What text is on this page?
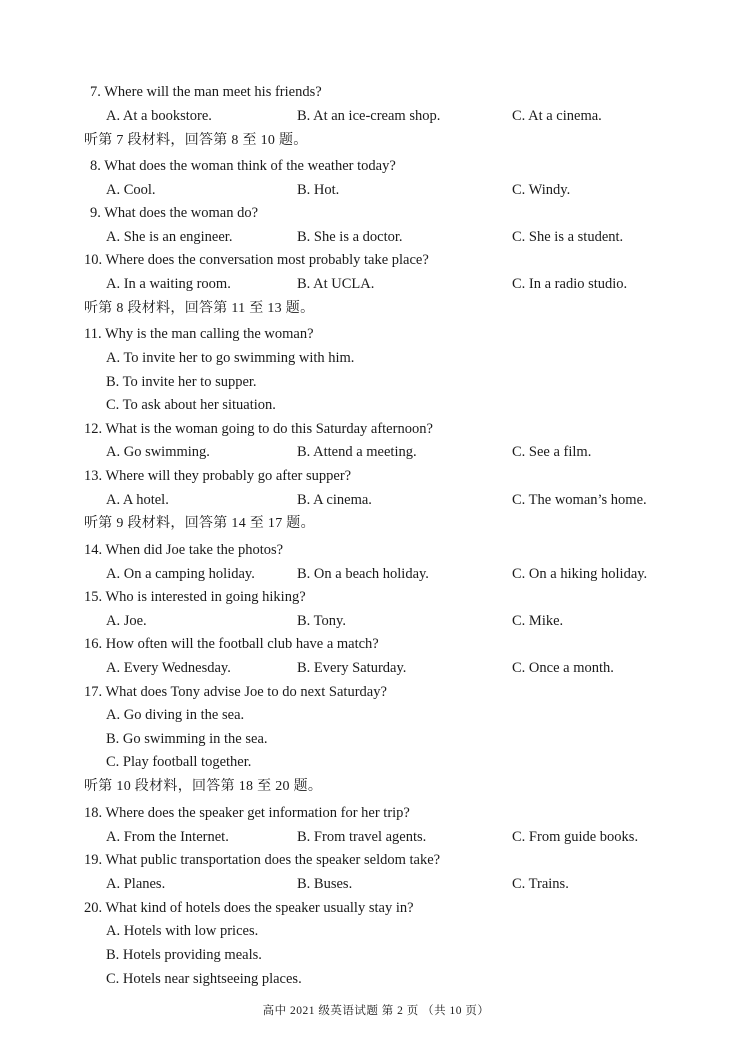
7. Where will the man meet his friends?
A. At a bookstore.	B. At an ice-cream shop.	C. At a cinema.
听第 7 段材料，回答第 8 至 10 题。
8. What does the woman think of the weather today?
A. Cool.	B. Hot.	C. Windy.
9. What does the woman do?
A. She is an engineer.	B. She is a doctor.	C. She is a student.
10. Where does the conversation most probably take place?
A. In a waiting room.	B. At UCLA.	C. In a radio studio.
听第 8 段材料，回答第 11 至 13 题。
11. Why is the man calling the woman?
A. To invite her to go swimming with him.
B. To invite her to supper.
C. To ask about her situation.
12. What is the woman going to do this Saturday afternoon?
A. Go swimming.	B. Attend a meeting.	C. See a film.
13. Where will they probably go after supper?
A. A hotel.	B. A cinema.	C. The woman’s home.
听第 9 段材料，回答第 14 至 17 题。
14. When did Joe take the photos?
A. On a camping holiday.	B. On a beach holiday.	C. On a hiking holiday.
15. Who is interested in going hiking?
A. Joe.	B. Tony.	C. Mike.
16. How often will the football club have a match?
A. Every Wednesday.	B. Every Saturday.	C. Once a month.
17. What does Tony advise Joe to do next Saturday?
A. Go diving in the sea.
B. Go swimming in the sea.
C. Play football together.
听第 10 段材料，回答第 18 至 20 题。
18. Where does the speaker get information for her trip?
A. From the Internet.	B. From travel agents.	C. From guide books.
19. What public transportation does the speaker seldom take?
A. Planes.	B. Buses.	C. Trains.
20. What kind of hotels does the speaker usually stay in?
A. Hotels with low prices.
B. Hotels providing meals.
C. Hotels near sightseeing places.
高中 2021 级英语试题 第 2 页 （共 10 页）
